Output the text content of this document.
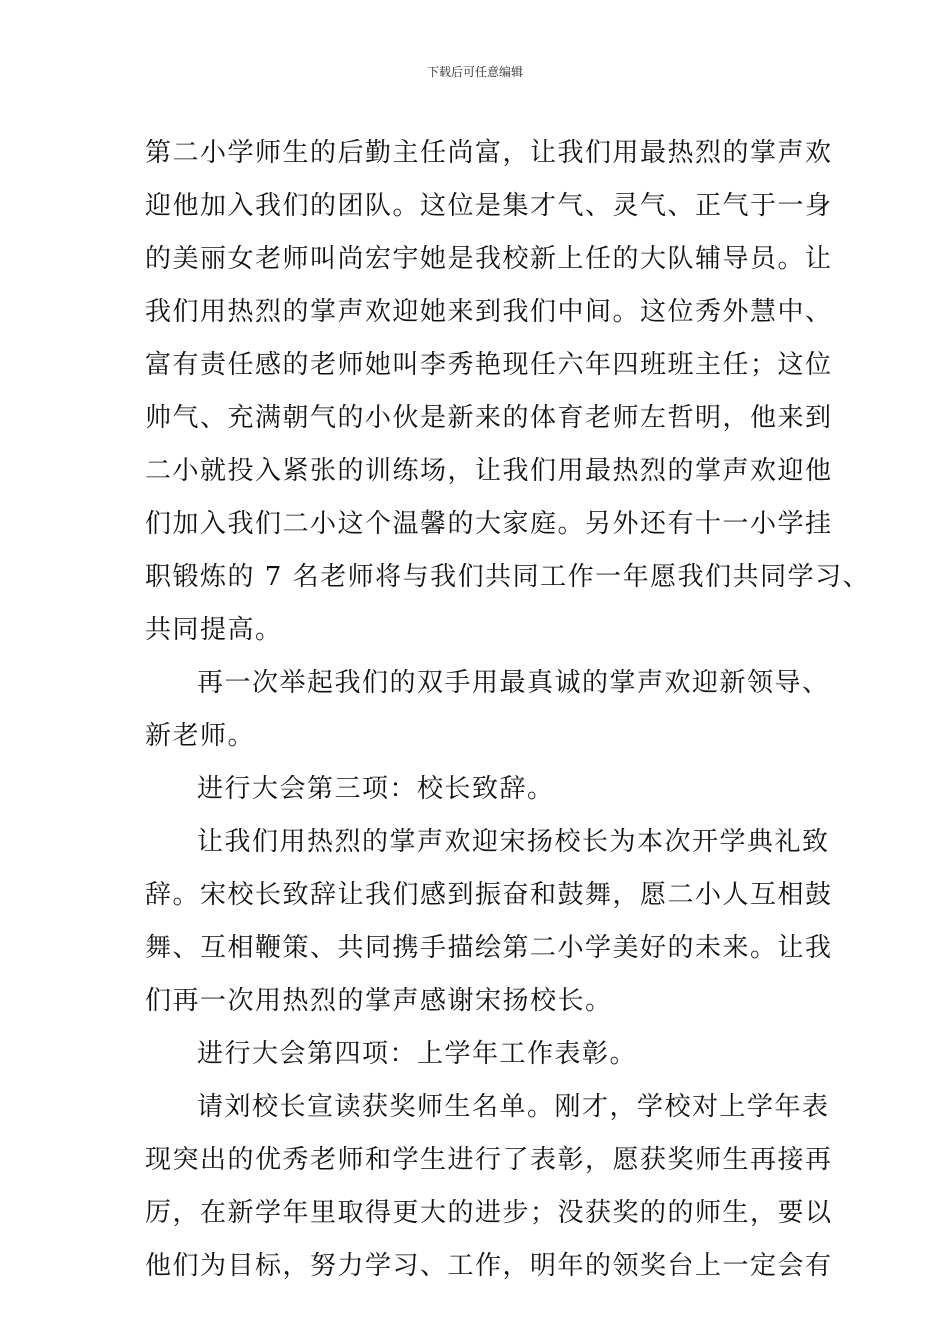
下载后可任意编辑
第二小学师生的后勤主任尚富，让我们用最热烈的掌声欢
迎他加入我们的团队。这位是集才气、灵气、正气于一身
的美丽女老师叫尚宏宇她是我校新上任的大队辅导员。让
我们用热烈的掌声欢迎她来到我们中间。这位秀外慧中、
富有责任感的老师她叫李秀艳现任六年四班班主任；这位
帅气、充满朝气的小伙是新来的体育老师左哲明，他来到
二小就投入紧张的训练场，让我们用最热烈的掌声欢迎他
们加入我们二小这个温馨的大家庭。另外还有十一小学挂
职锻炼的 7 名老师将与我们共同工作一年愿我们共同学习、
共同提高。
再一次举起我们的双手用最真诚的掌声欢迎新领导、
新老师。
进行大会第三项：校长致辞。
让我们用热烈的掌声欢迎宋扬校长为本次开学典礼致
辞。宋校长致辞让我们感到振奋和鼓舞，愿二小人互相鼓
舞、互相鞭策、共同携手描绘第二小学美好的未来。让我
们再一次用热烈的掌声感谢宋扬校长。
进行大会第四项：上学年工作表彰。
请刘校长宣读获奖师生名单。刚才，学校对上学年表
现突出的优秀老师和学生进行了表彰，愿获奖师生再接再
厉，在新学年里取得更大的进步；没获奖的的师生，要以
他们为目标，努力学习、工作，明年的领奖台上一定会有
